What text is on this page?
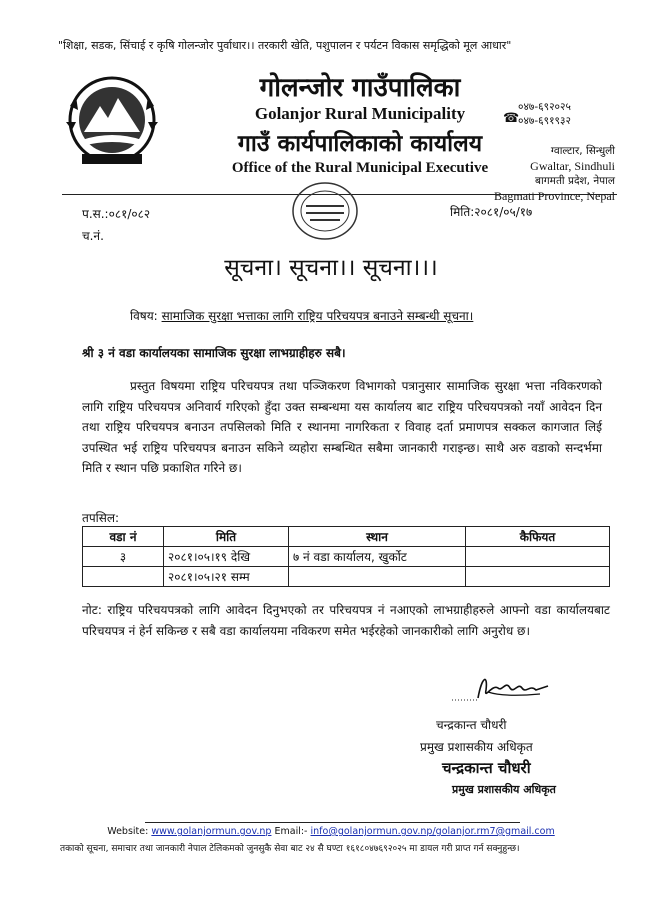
"शिक्षा, सडक, सिंचाई र कृषि गोलन्जोर पुर्वाधार।। तरकारी खेति, पशुपालन र पर्यटन विकास समृद्धिको मूल आधार"
गोलन्जोर गाउँपालिका
Golanjor Rural Municipality
गाउँ कार्यपालिकाको कार्यालय
Office of the Rural Municipal Executive
☎
०४७-६९२०२५
०४७-६९१९३२
ग्वाल्टार, सिन्धुली
Gwaltar, Sindhuli
बागमती प्रदेश, नेपाल
Bagmati Province, Nepal
प.स.:०८१/०८२
च.नं.
मिति:२०८१/०५/१७
सूचना। सूचना।। सूचना।।।
विषय: सामाजिक सुरक्षा भत्ताका लागि राष्ट्रिय परिचयपत्र बनाउने सम्बन्धी सूचना।
श्री ३ नं वडा कार्यालयका सामाजिक सुरक्षा लाभग्राहीहरु सबै।
प्रस्तुत विषयमा राष्ट्रिय परिचयपत्र तथा पञ्जिकरण विभागको पत्रानुसार सामाजिक सुरक्षा भत्ता नविकरणको लागि राष्ट्रिय परिचयपत्र अनिवार्य गरिएको हुँदा उक्त सम्बन्धमा यस कार्यालय बाट राष्ट्रिय परिचयपत्रको नयाँ आवेदन दिन तथा राष्ट्रिय परिचयपत्र बनाउन तपसिलको मिति र स्थानमा नागरिकता र विवाह दर्ता प्रमाणपत्र सक्कल कागजात लिई उपस्थित भई राष्ट्रिय परिचयपत्र बनाउन सकिने व्यहोरा सम्बन्धित सबैमा जानकारी गराइन्छ। साथै अरु वडाको सन्दर्भमा मिति र स्थान पछि प्रकाशित गरिने छ।
तपसिल:
वडा नं	मिति	स्थान	कैफियत
३	२०८१।०५।१९ देखि	७ नं वडा कार्यालय, खुर्कोट	
	२०८१।०५।२१ सम्म		
नोट: राष्ट्रिय परिचयपत्रको लागि आवेदन दिनुभएको तर परिचयपत्र नं नआएको लाभग्राहीहरुले आफ्नो वडा कार्यालयबाट परिचयपत्र नं हेर्न सकिन्छ र सबै वडा कार्यालयमा नविकरण समेत भईरहेको जानकारीको लागि अनुरोध छ।
चन्द्रकान्त चौधरी
प्रमुख प्रशासकीय अधिकृत
चन्द्रकान्त चौधरी
प्रमुख प्रशासकीय अधिकृत
Website: www.golanjormun.gov.np Email:- info@golanjormun.gov.np/golanjor.rm7@gmail.com
तकाको सूचना, समाचार तथा जानकारी नेपाल टेलिकमको जुनसुकै सेवा बाट २४ सै घण्टा १६१८०४७६९२०२५ मा डायल गरी प्राप्त गर्न सक्नुहुन्छ।
